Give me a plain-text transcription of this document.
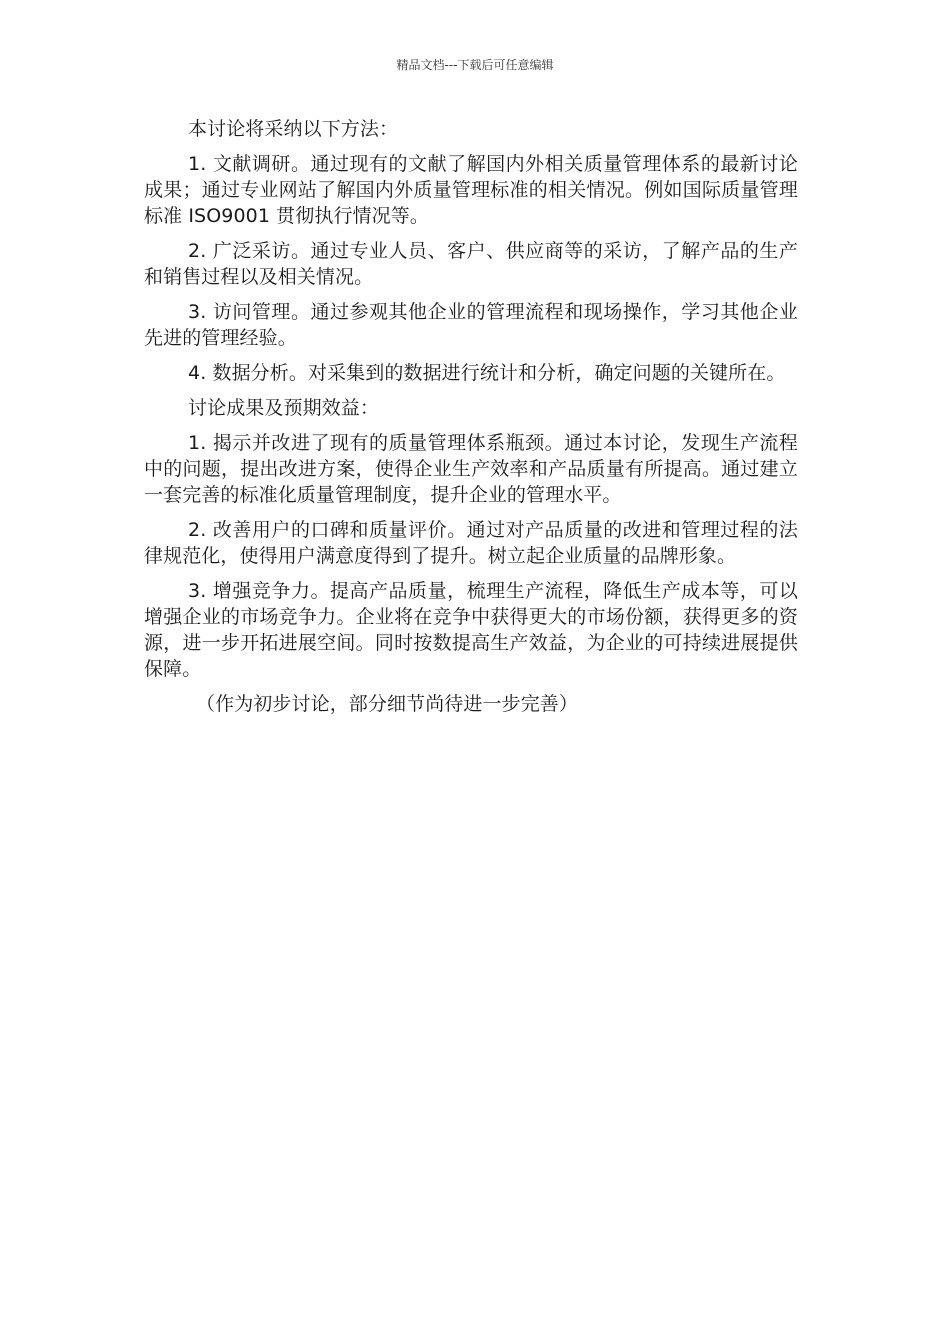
精品文档---下载后可任意编辑

本讨论将采纳以下方法：

1. 文献调研。通过现有的文献了解国内外相关质量管理体系的最新讨论成果；通过专业网站了解国内外质量管理标准的相关情况。例如国际质量管理标准 ISO9001 贯彻执行情况等。

2. 广泛采访。通过专业人员、客户、供应商等的采访，了解产品的生产和销售过程以及相关情况。

3. 访问管理。通过参观其他企业的管理流程和现场操作，学习其他企业先进的管理经验。

4. 数据分析。对采集到的数据进行统计和分析，确定问题的关键所在。

讨论成果及预期效益：

1. 揭示并改进了现有的质量管理体系瓶颈。通过本讨论，发现生产流程中的问题，提出改进方案，使得企业生产效率和产品质量有所提高。通过建立一套完善的标准化质量管理制度，提升企业的管理水平。

2. 改善用户的口碑和质量评价。通过对产品质量的改进和管理过程的法律规范化，使得用户满意度得到了提升。树立起企业质量的品牌形象。

3. 增强竞争力。提高产品质量，梳理生产流程，降低生产成本等，可以增强企业的市场竞争力。企业将在竞争中获得更大的市场份额，获得更多的资源，进一步开拓进展空间。同时按数提高生产效益，为企业的可持续进展提供保障。

（作为初步讨论，部分细节尚待进一步完善）
